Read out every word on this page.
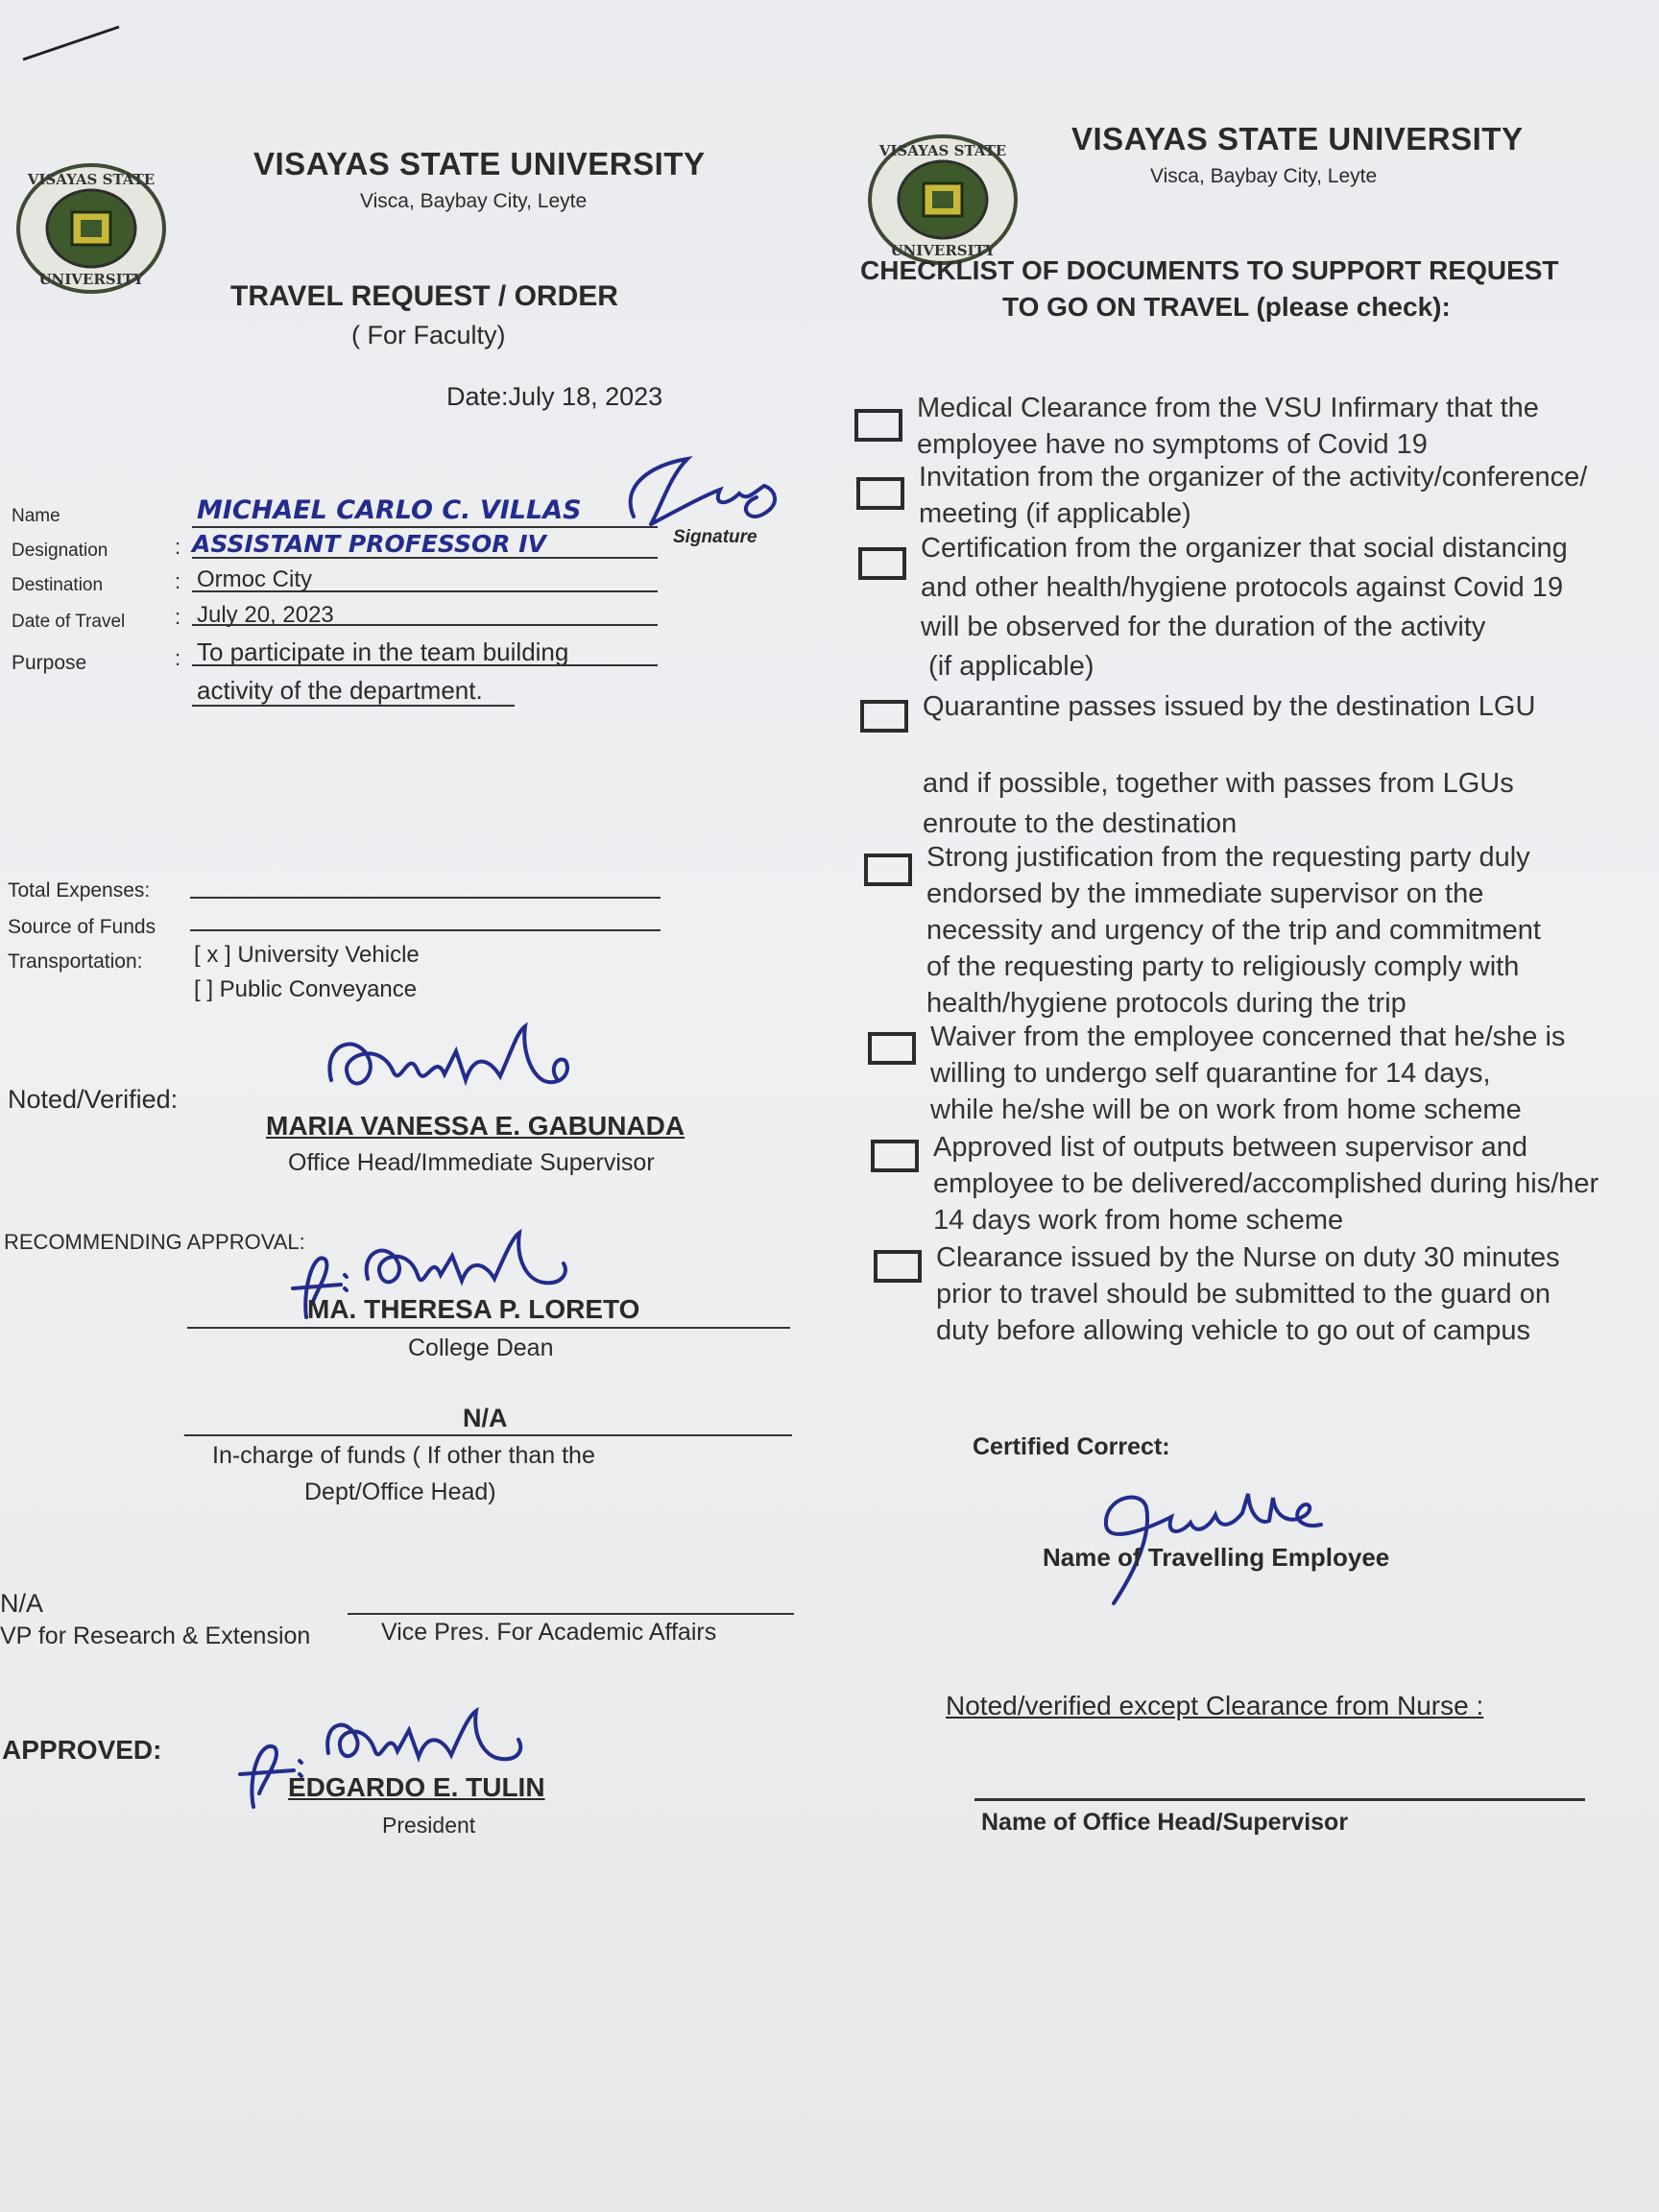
VISAYAS STATE
UNIVERSITY
VISAYAS STATE UNIVERSITY
Visca, Baybay City, Leyte
TRAVEL REQUEST / ORDER
( For Faculty)
Date:July 18, 2023
Name	MICHAEL CARLO C. VILLAS
Signature
Designation	: ASSISTANT PROFESSOR IV
Destination	: Ormoc City
Date of Travel : July 20, 2023
Purpose	: To participate in the team building
activity of the department.
Total Expenses:
Source of Funds
Transportation: [ x ] University Vehicle
[ ] Public Conveyance
Noted/Verified:
MARIA VANESSA E. GABUNADA
Office Head/Immediate Supervisor
RECOMMENDING APPROVAL:
MA. THERESA P. LORETO
College Dean
N/A
In-charge of funds ( If other than the
Dept/Office Head)
N/A
VP for Research & Extension	Vice Pres. For Academic Affairs
APPROVED:
EDGARDO E. TULIN
President
VISAYAS STATE
UNIVERSITY
VISAYAS STATE UNIVERSITY
Visca, Baybay City, Leyte
CHECKLIST OF DOCUMENTS TO SUPPORT REQUEST
TO GO ON TRAVEL (please check):
Medical Clearance from the VSU Infirmary that the
employee have no symptoms of Covid 19
Invitation from the organizer of the activity/conference/
meeting (if applicable)
Certification from the organizer that social distancing
and other health/hygiene protocols against Covid 19
will be observed for the duration of the activity
(if applicable)
Quarantine passes issued by the destination LGU
and if possible, together with passes from LGUs
enroute to the destination
Strong justification from the requesting party duly
endorsed by the immediate supervisor on the
necessity and urgency of the trip and commitment
of the requesting party to religiously comply with
health/hygiene protocols during the trip
Waiver from the employee concerned that he/she is
willing to undergo self quarantine for 14 days,
while he/she will be on work from home scheme
Approved list of outputs between supervisor and
employee to be delivered/accomplished during his/her
14 days work from home scheme
Clearance issued by the Nurse on duty 30 minutes
prior to travel should be submitted to the guard on
duty before allowing vehicle to go out of campus
Certified Correct:
Name of Travelling Employee
Noted/verified except Clearance from Nurse :
Name of Office Head/Supervisor
